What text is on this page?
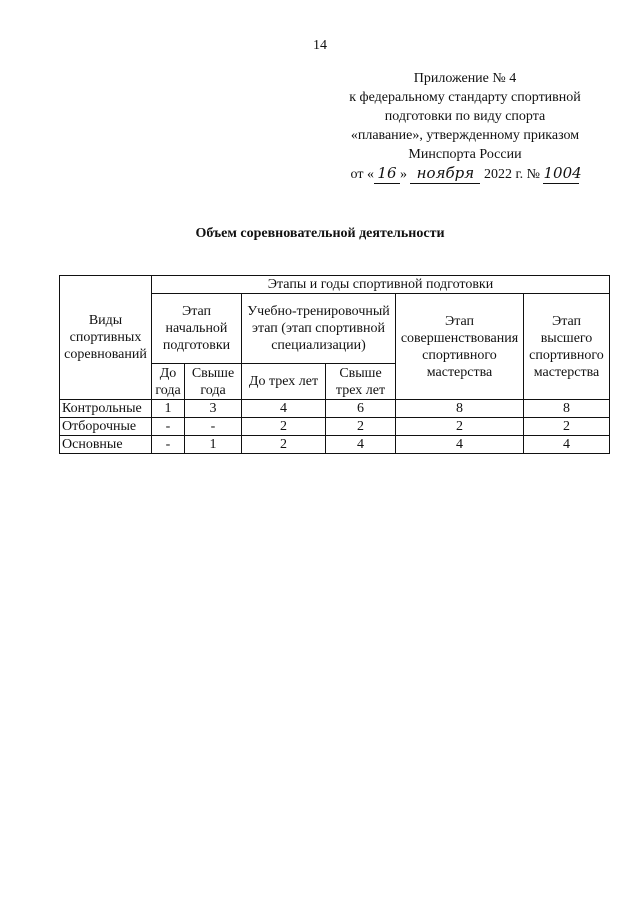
14
Приложение № 4
к федеральному стандарту спортивной
подготовки по виду спорта
«плавание», утвержденному приказом
Минспорта России
от « 16 » ноября 2022 г. № 1004
Объем соревновательной деятельности
Виды спортивных соревнований	Этапы и годы спортивной подготовки					
	Этап начальной подготовки		Учебно-тренировочный этап (этап спортивной специализации)		Этап совершенствования спортивного мастерства	Этап высшего спортивного мастерства
	До года	Свыше года	До трех лет	Свыше трех лет		
Контрольные	1	3	4	6	8	8
Отборочные	-	-	2	2	2	2
Основные	-	1	2	4	4	4
